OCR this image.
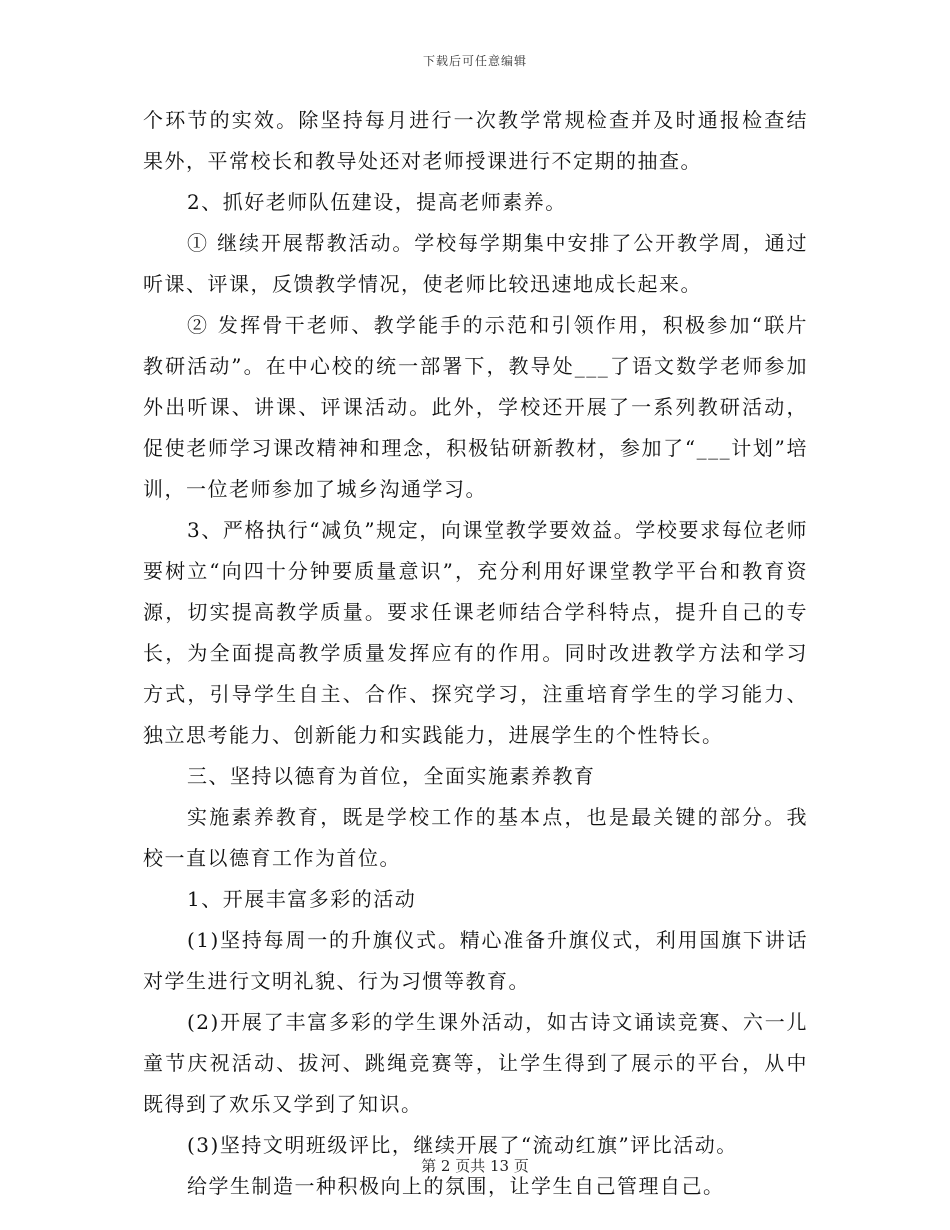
下载后可任意编辑

个环节的实效。除坚持每月进行一次教学常规检查并及时通报检查结果外，平常校长和教导处还对老师授课进行不定期的抽查。

2、抓好老师队伍建设，提高老师素养。

① 继续开展帮教活动。学校每学期集中安排了公开教学周，通过听课、评课，反馈教学情况，使老师比较迅速地成长起来。

② 发挥骨干老师、教学能手的示范和引领作用，积极参加“联片教研活动”。在中心校的统一部署下，教导处___了语文数学老师参加外出听课、讲课、评课活动。此外，学校还开展了一系列教研活动，促使老师学习课改精神和理念，积极钻研新教材，参加了“___计划”培训，一位老师参加了城乡沟通学习。

3、严格执行“减负”规定，向课堂教学要效益。学校要求每位老师要树立“向四十分钟要质量意识”，充分利用好课堂教学平台和教育资源，切实提高教学质量。要求任课老师结合学科特点，提升自己的专长，为全面提高教学质量发挥应有的作用。同时改进教学方法和学习方式，引导学生自主、合作、探究学习，注重培育学生的学习能力、独立思考能力、创新能力和实践能力，进展学生的个性特长。

三、坚持以德育为首位，全面实施素养教育

实施素养教育，既是学校工作的基本点，也是最关键的部分。我校一直以德育工作为首位。

1、开展丰富多彩的活动

(1)坚持每周一的升旗仪式。精心准备升旗仪式，利用国旗下讲话对学生进行文明礼貌、行为习惯等教育。

(2)开展了丰富多彩的学生课外活动，如古诗文诵读竞赛、六一儿童节庆祝活动、拔河、跳绳竞赛等，让学生得到了展示的平台，从中既得到了欢乐又学到了知识。

(3)坚持文明班级评比，继续开展了“流动红旗”评比活动。

给学生制造一种积极向上的氛围，让学生自己管理自己。

第 2 页共 13 页
